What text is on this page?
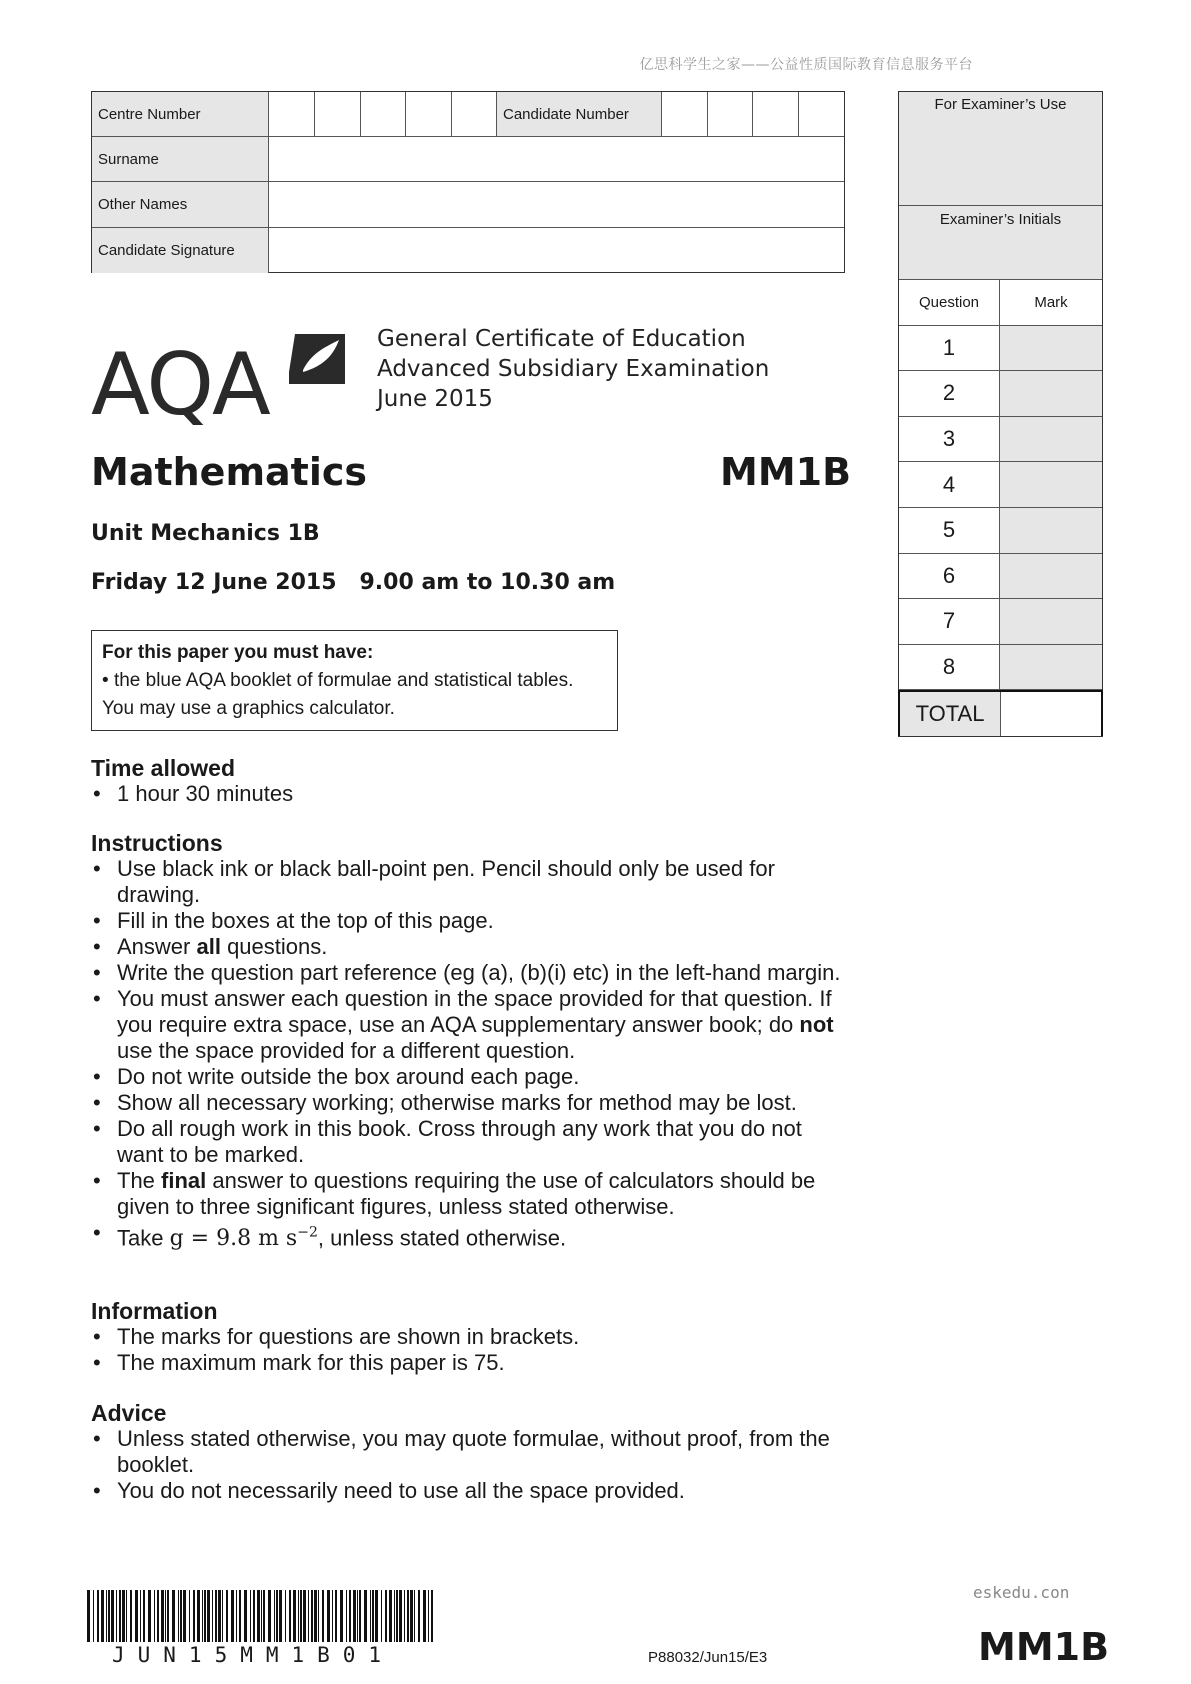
亿思科学生之家——公益性质国际教育信息服务平台
Centre Number	Candidate Number
Surname
Other Names
Candidate Signature
For Examiner’s Use
Examiner’s Initials
Question	Mark
1
2
3
4
5
6
7
8
TOTAL
AQA	General Certificate of Education
Advanced Subsidiary Examination
June 2015
Mathematics	MM1B
Unit Mechanics 1B
Friday 12 June 2015   9.00 am to 10.30 am
For this paper you must have:
• the blue AQA booklet of formulae and statistical tables.
You may use a graphics calculator.
Time allowed
• 1 hour 30 minutes
Instructions
• Use black ink or black ball-point pen. Pencil should only be used for drawing.
• Fill in the boxes at the top of this page.
• Answer all questions.
• Write the question part reference (eg (a), (b)(i) etc) in the left-hand margin.
• You must answer each question in the space provided for that question. If you require extra space, use an AQA supplementary answer book; do not use the space provided for a different question.
• Do not write outside the box around each page.
• Show all necessary working; otherwise marks for method may be lost.
• Do all rough work in this book. Cross through any work that you do not want to be marked.
• The final answer to questions requiring the use of calculators should be given to three significant figures, unless stated otherwise.
• Take g = 9.8 m $s^{-2}$, unless stated otherwise.
Information
• The marks for questions are shown in brackets.
• The maximum mark for this paper is 75.
Advice
• Unless stated otherwise, you may quote formulae, without proof, from the booklet.
• You do not necessarily need to use all the space provided.
JUN15MM1B01	P88032/Jun15/E3
eskedu.con
MM1B
